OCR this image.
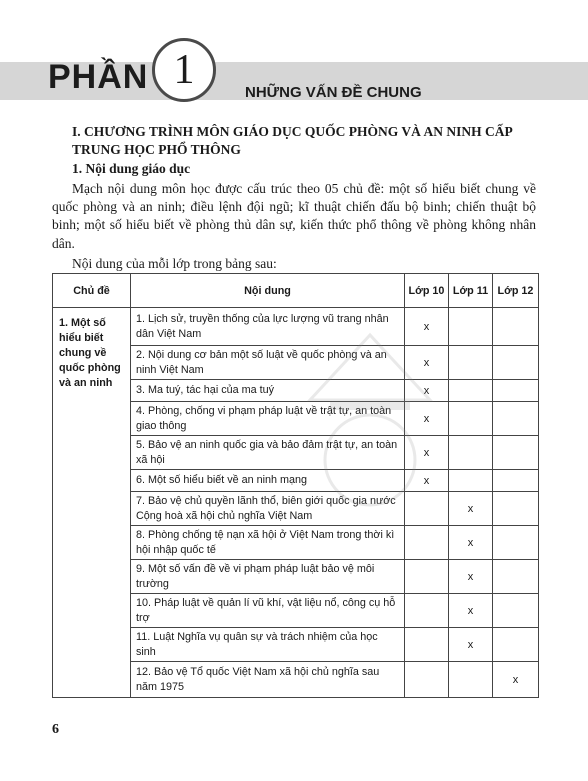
PHẦN 1	NHỮNG VẤN ĐỀ CHUNG
I. CHƯƠNG TRÌNH MÔN GIÁO DỤC QUỐC PHÒNG VÀ AN NINH CẤP TRUNG HỌC PHỔ THÔNG
1. Nội dung giáo dục
Mạch nội dung môn học được cấu trúc theo 05 chủ đề: một số hiểu biết chung về quốc phòng và an ninh; điều lệnh đội ngũ; kĩ thuật chiến đấu bộ binh; chiến thuật bộ binh; một số hiểu biết về phòng thủ dân sự, kiến thức phổ thông về phòng không nhân dân.
Nội dung của mỗi lớp trong bảng sau:
Chủ đề	Nội dung	Lớp 10	Lớp 11	Lớp 12
1. Một số hiểu biết chung về quốc phòng và an ninh	1. Lịch sử, truyền thống của lực lượng vũ trang nhân dân Việt Nam	x		
	2. Nội dung cơ bản một số luật về quốc phòng và an ninh Việt Nam	x		
	3. Ma tuý, tác hại của ma tuý	x		
	4. Phòng, chống vi phạm pháp luật về trật tự, an toàn giao thông	x		
	5. Bảo vệ an ninh quốc gia và bảo đảm trật tự, an toàn xã hội	x		
	6. Một số hiểu biết về an ninh mạng	x		
	7. Bảo vệ chủ quyền lãnh thổ, biên giới quốc gia nước Cộng hoà xã hội chủ nghĩa Việt Nam		x	
	8. Phòng chống tệ nạn xã hội ở Việt Nam trong thời kì hội nhập quốc tế		x	
	9. Một số vấn đề về vi phạm pháp luật bảo vệ môi trường		x	
	10. Pháp luật về quản lí vũ khí, vật liệu nổ, công cụ hỗ trợ		x	
	11. Luật Nghĩa vụ quân sự và trách nhiệm của học sinh		x	
	12. Bảo vệ Tổ quốc Việt Nam xã hội chủ nghĩa sau năm 1975			x
6
